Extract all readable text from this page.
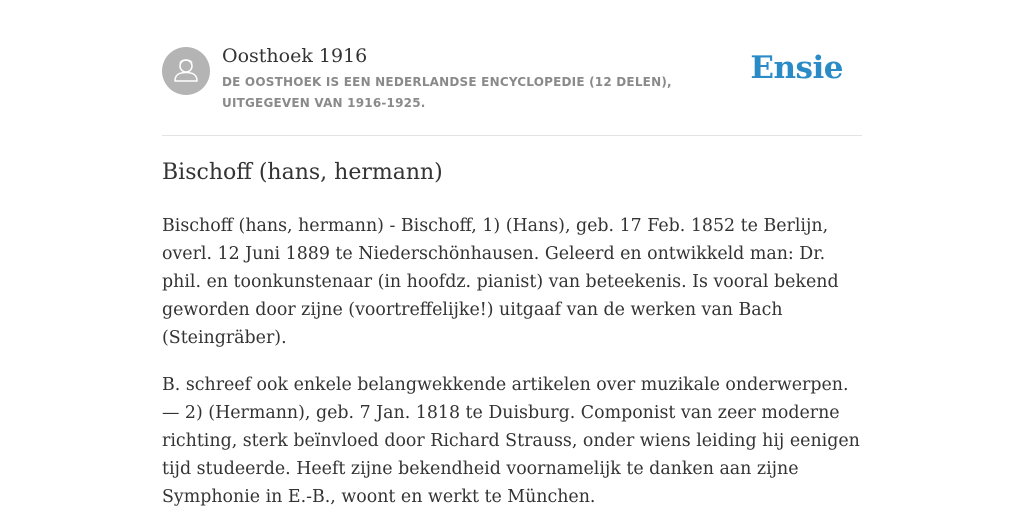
Oosthoek 1916
DE OOSTHOEK IS EEN NEDERLANDSE ENCYCLOPEDIE (12 DELEN), UITGEGEVEN VAN 1916-1925.
Ensie
Bischoff (hans, hermann)

Bischoff (hans, hermann) - Bischoff, 1) (Hans), geb. 17 Feb. 1852 te Berlijn, overl. 12 Juni 1889 te Niederschönhausen. Geleerd en ontwikkeld man: Dr. phil. en toonkunstenaar (in hoofdz. pianist) van beteekenis. Is vooral bekend geworden door zijne (voortreffelijke!) uitgaaf van de werken van Bach (Steingräber).

B. schreef ook enkele belangwekkende artikelen over muzikale onderwerpen. — 2) (Hermann), geb. 7 Jan. 1818 te Duisburg. Componist van zeer moderne richting, sterk beïnvloed door Richard Strauss, onder wiens leiding hij eenigen tijd studeerde. Heeft zijne bekendheid voornamelijk te danken aan zijne Symphonie in E.-B., woont en werkt te München.
